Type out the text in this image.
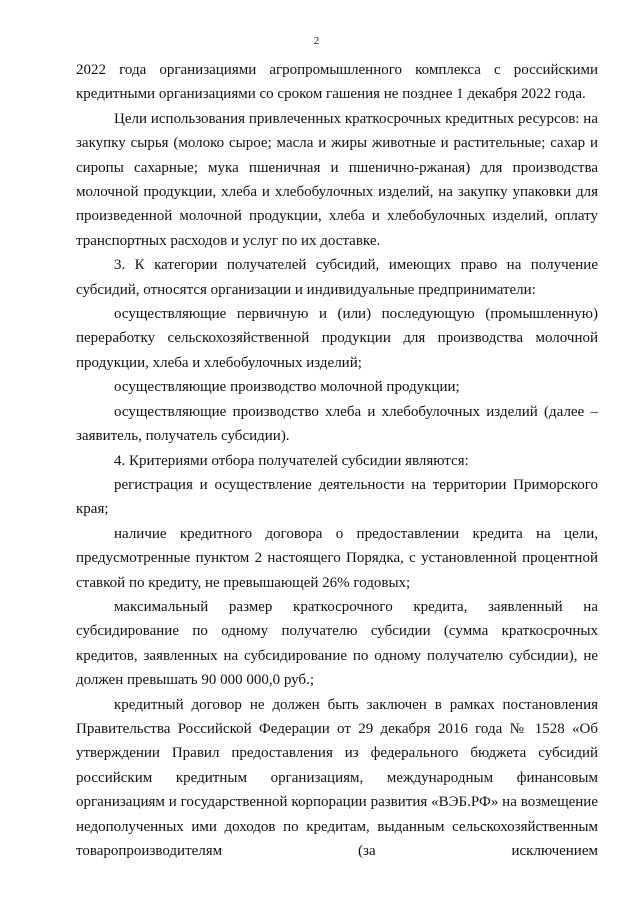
2

2022 года организациями агропромышленного комплекса с российскими кредитными организациями со сроком гашения не позднее 1 декабря 2022 года.

Цели использования привлеченных краткосрочных кредитных ресурсов: на закупку сырья (молоко сырое; масла и жиры животные и растительные; сахар и сиропы сахарные; мука пшеничная и пшенично-ржаная) для производства молочной продукции, хлеба и хлебобулочных изделий, на закупку упаковки для произведенной молочной продукции, хлеба и хлебобулочных изделий, оплату транспортных расходов и услуг по их доставке.

3. К категории получателей субсидий, имеющих право на получение субсидий, относятся организации и индивидуальные предприниматели:

осуществляющие первичную и (или) последующую (промышленную) переработку сельскохозяйственной продукции для производства молочной продукции, хлеба и хлебобулочных изделий;

осуществляющие производство молочной продукции;

осуществляющие производство хлеба и хлебобулочных изделий (далее – заявитель, получатель субсидии).

4. Критериями отбора получателей субсидии являются:

регистрация и осуществление деятельности на территории Приморского края;

наличие кредитного договора о предоставлении кредита на цели, предусмотренные пунктом 2 настоящего Порядка, с установленной процентной ставкой по кредиту, не превышающей 26% годовых;

максимальный размер краткосрочного кредита, заявленный на субсидирование по одному получателю субсидии (сумма краткосрочных кредитов, заявленных на субсидирование по одному получателю субсидии), не должен превышать 90 000 000,0 руб.;

кредитный договор не должен быть заключен в рамках постановления Правительства Российской Федерации от 29 декабря 2016 года № 1528 «Об утверждении Правил предоставления из федерального бюджета субсидий российским кредитным организациям, международным финансовым организациям и государственной корпорации развития «ВЭБ.РФ» на возмещение недополученных ими доходов по кредитам, выданным сельскохозяйственным товаропроизводителям (за исключением
